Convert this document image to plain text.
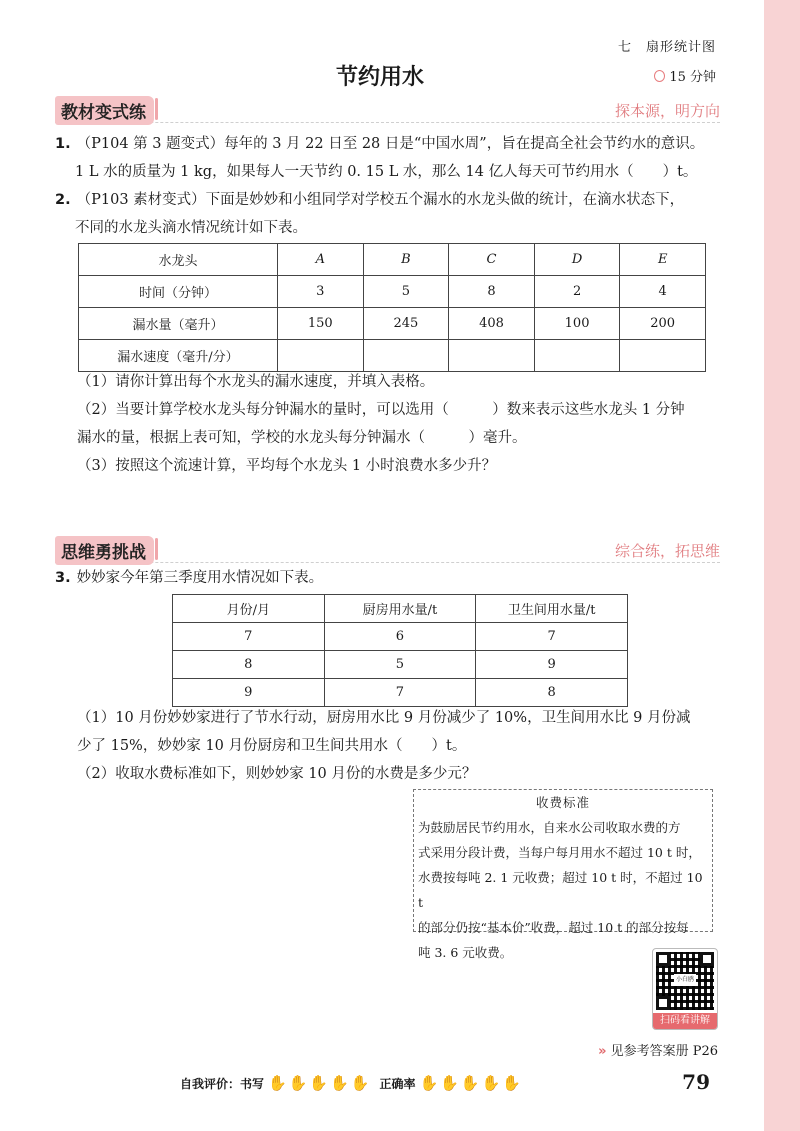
七　扇形统计图
节约用水	15 分钟
教材变式练	探本源，明方向
1. （P104 第 3 题变式）每年的 3 月 22 日至 28 日是“中国水周”，旨在提高全社会节约水的意识。
1 L 水的质量为 1 kg，如果每人一天节约 0. 15 L 水，那么 14 亿人每天可节约用水（　　）t。
2. （P103 素材变式）下面是妙妙和小组同学对学校五个漏水的水龙头做的统计，在滴水状态下，
不同的水龙头滴水情况统计如下表。
水龙头	A	B	C	D	E
时间（分钟）	3	5	8	2	4
漏水量（毫升）	150	245	408	100	200
漏水速度（毫升/分）					
（1）请你计算出每个水龙头的漏水速度，并填入表格。
（2）当要计算学校水龙头每分钟漏水的量时，可以选用（　　　）数来表示这些水龙头 1 分钟
漏水的量，根据上表可知，学校的水龙头每分钟漏水（　　　）毫升。
（3）按照这个流速计算，平均每个水龙头 1 小时浪费水多少升？
思维勇挑战	综合练，拓思维
3. 妙妙家今年第三季度用水情况如下表。
月份/月	厨房用水量/t	卫生间用水量/t
7	6	7
8	5	9
9	7	8
（1）10 月份妙妙家进行了节水行动，厨房用水比 9 月份减少了 10%，卫生间用水比 9 月份减
少了 15%，妙妙家 10 月份厨房和卫生间共用水（　　）t。
（2）收取水费标准如下，则妙妙家 10 月份的水费是多少元？
收费标准
为鼓励居民节约用水，自来水公司收取水费的方
式采用分段计费，当每户每月用水不超过 10 t 时，
水费按每吨 2. 1 元收费；超过 10 t 时，不超过 10 t
的部分仍按“基本价”收费，超过 10 t 的部分按每
吨 3. 6 元收费。
小白鸥
扫码看讲解
» 见参考答案册 P26
自我评价： 书写 ✋ ✋ ✋ ✋ ✋ 正确率 ✋ ✋ ✋ ✋ ✋	79
